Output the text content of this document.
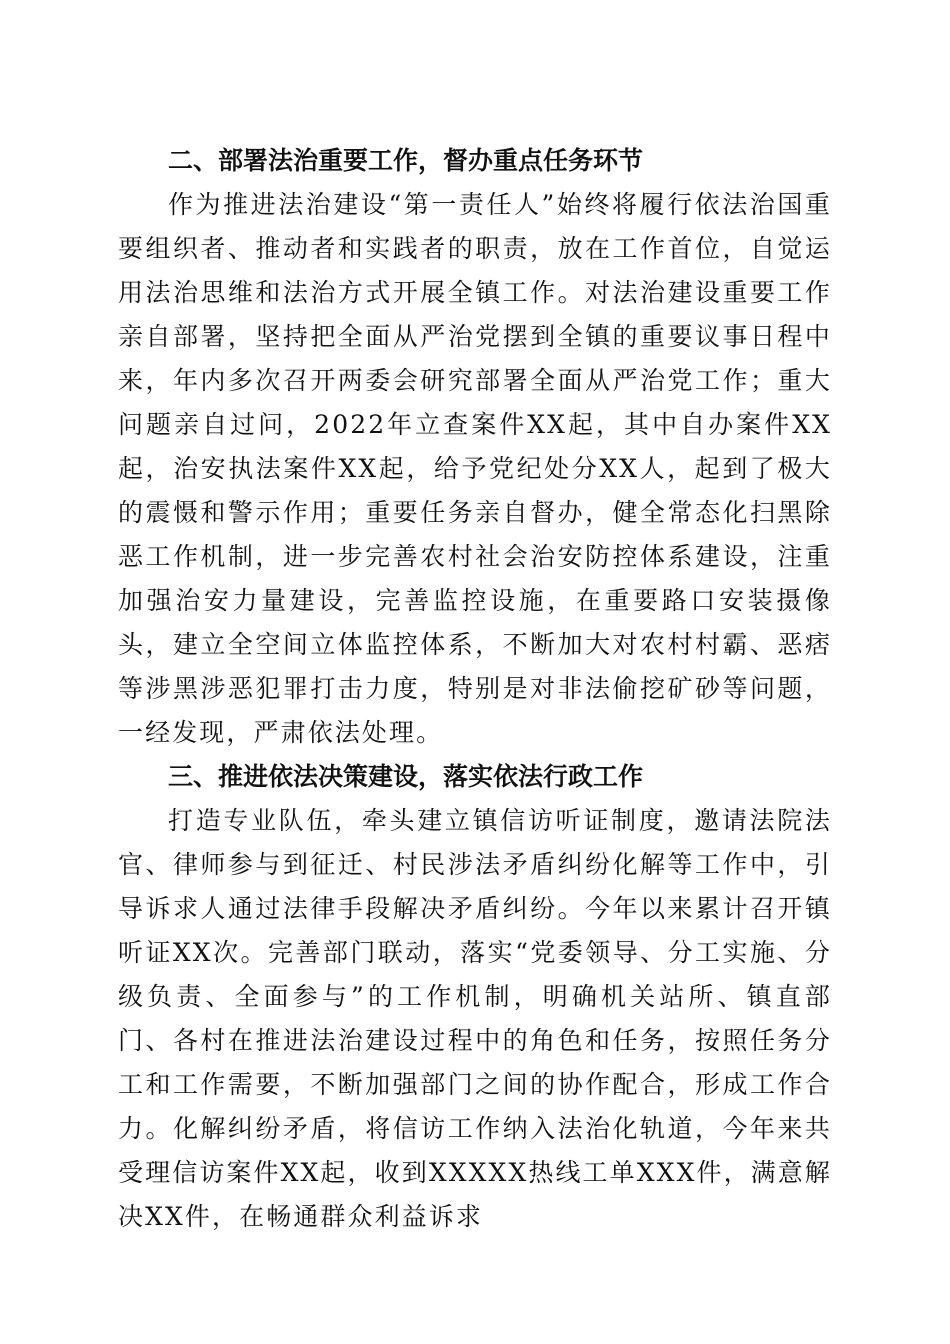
二、部署法治重要工作，督办重点任务环节

作为推进法治建设“第一责任人”始终将履行依法治国重要组织者、推动者和实践者的职责，放在工作首位，自觉运用法治思维和法治方式开展全镇工作。对法治建设重要工作亲自部署，坚持把全面从严治党摆到全镇的重要议事日程中来，年内多次召开两委会研究部署全面从严治党工作；重大问题亲自过问，2022年立查案件XX起，其中自办案件XX起，治安执法案件XX起，给予党纪处分XX人，起到了极大的震慑和警示作用；重要任务亲自督办，健全常态化扫黑除恶工作机制，进一步完善农村社会治安防控体系建设，注重加强治安力量建设，完善监控设施，在重要路口安装摄像头，建立全空间立体监控体系，不断加大对农村村霸、恶痞等涉黑涉恶犯罪打击力度，特别是对非法偷挖矿砂等问题，一经发现，严肃依法处理。

三、推进依法决策建设，落实依法行政工作

打造专业队伍，牵头建立镇信访听证制度，邀请法院法官、律师参与到征迁、村民涉法矛盾纠纷化解等工作中，引导诉求人通过法律手段解决矛盾纠纷。今年以来累计召开镇听证XX次。完善部门联动，落实“党委领导、分工实施、分级负责、全面参与”的工作机制，明确机关站所、镇直部门、各村在推进法治建设过程中的角色和任务，按照任务分工和工作需要，不断加强部门之间的协作配合，形成工作合力。化解纠纷矛盾，将信访工作纳入法治化轨道，今年来共受理信访案件XX起，收到XXXXX热线工单XXX件，满意解决XX件，在畅通群众利益诉求
